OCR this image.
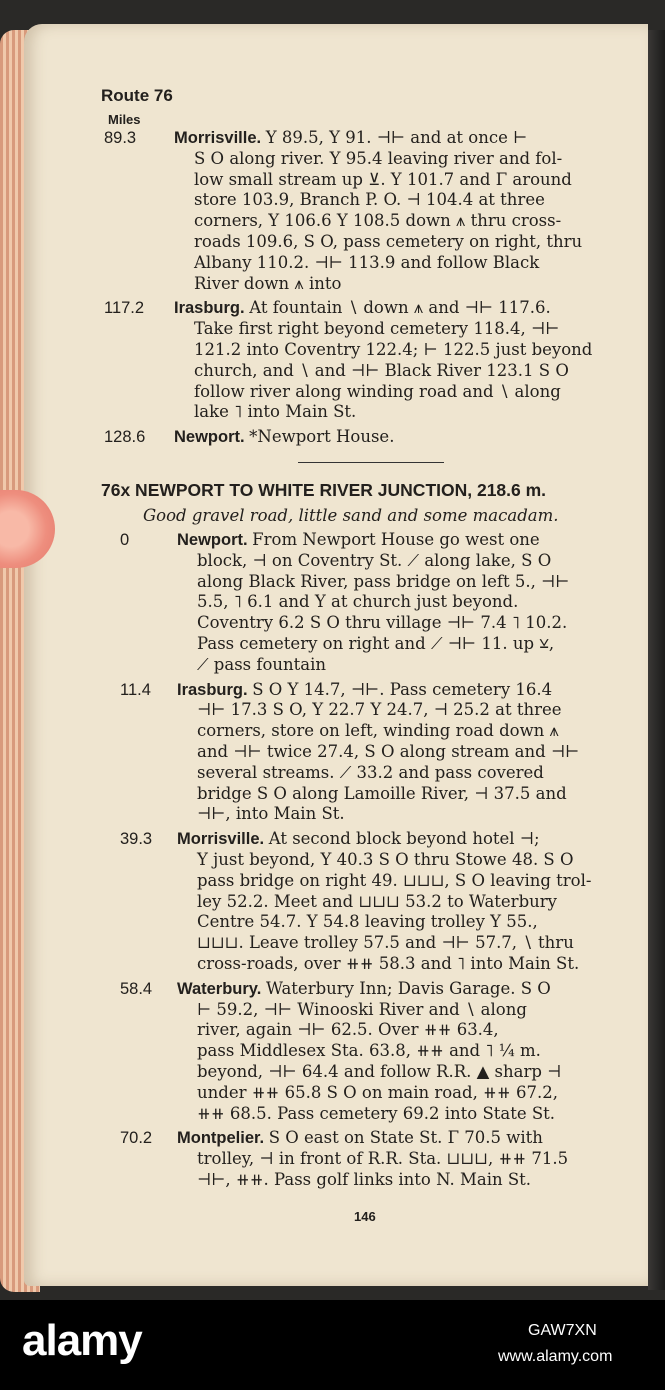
Route 76
Miles
89.3 Morrisville. Y 89.5, Y 91. ⊣⊢ and at once ⊢
S O along river. Y 95.4 leaving river and fol-
low small stream up ⊻. Y 101.7 and Γ around
store 103.9, Branch P. O. ⊣ 104.4 at three
corners, Y 106.6 Y 108.5 down ⩚ thru cross-
roads 109.6, S O, pass cemetery on right, thru
Albany 110.2. ⊣⊢ 113.9 and follow Black
River down ⩚ into
117.2 Irasburg. At fountain ∖ down ⩚ and ⊣⊢ 117.6.
Take first right beyond cemetery 118.4, ⊣⊢
121.2 into Coventry 122.4; ⊢ 122.5 just beyond
church, and ∖ and ⊣⊢ Black River 123.1 S O
follow river along winding road and ∖ along
lake ˥ into Main St.
128.6 Newport. *Newport House.
76x NEWPORT TO WHITE RIVER JUNCTION, 218.6 m.
Good gravel road, little sand and some macadam.
0	Newport. From Newport House go west one
block, ⊣ on Coventry St. ⟋ along lake, S O
along Black River, pass bridge on left 5., ⊣⊢
5.5, ˥ 6.1 and Y at church just beyond.
Coventry 6.2 S O thru village ⊣⊢ 7.4 ˥ 10.2.
Pass cemetery on right and ⟋ ⊣⊢ 11. up ⊻,
⟋ pass fountain
11.4 Irasburg. S O Y 14.7, ⊣⊢. Pass cemetery 16.4
⊣⊢ 17.3 S O, Y 22.7 Y 24.7, ⊣ 25.2 at three
corners, store on left, winding road down ⩚
and ⊣⊢ twice 27.4, S O along stream and ⊣⊢
several streams. ⟋ 33.2 and pass covered
bridge S O along Lamoille River, ⊣ 37.5 and
⊣⊢, into Main St.
39.3 Morrisville. At second block beyond hotel ⊣;
Y just beyond, Y 40.3 S O thru Stowe 48. S O
pass bridge on right 49. ⊔⊔⊔, S O leaving trol-
ley 52.2. Meet and ⊔⊔⊔ 53.2 to Waterbury
Centre 54.7. Y 54.8 leaving trolley Y 55.,
⊔⊔⊔. Leave trolley 57.5 and ⊣⊢ 57.7, ∖ thru
cross-roads, over ⧺⧺ 58.3 and ˥ into Main St.
58.4 Waterbury. Waterbury Inn; Davis Garage. S O
⊢ 59.2, ⊣⊢ Winooski River and ∖ along
river, again ⊣⊢ 62.5. Over ⧺⧺ 63.4,
pass Middlesex Sta. 63.8, ⧺⧺ and ˥ ¼ m.
beyond, ⊣⊢ 64.4 and follow R.R. ▲ sharp ⊣
under ⧺⧺ 65.8 S O on main road, ⧺⧺ 67.2,
⧺⧺ 68.5. Pass cemetery 69.2 into State St.
70.2 Montpelier. S O east on State St. Γ 70.5 with
trolley, ⊣ in front of R.R. Sta. ⊔⊔⊔, ⧺⧺ 71.5
⊣⊢, ⧺⧺. Pass golf links into N. Main St.
146
alamy	GAW7XN
www.alamy.com
